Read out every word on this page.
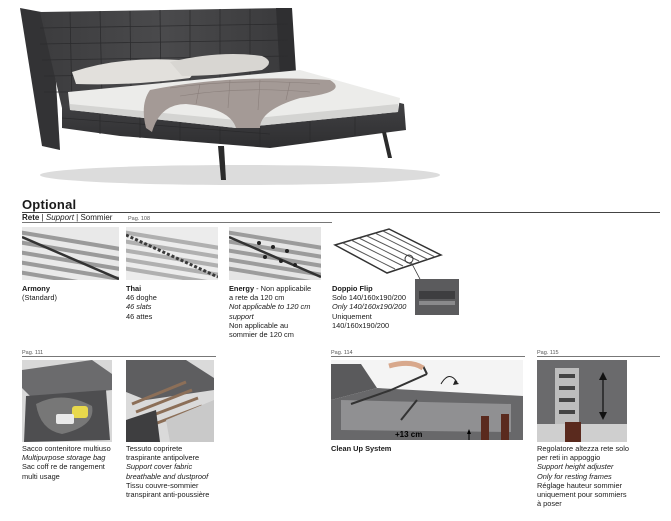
Optional
Rete | Support | Sommier	Pag. 108
Armony
(Standard)
Thai
46 doghe
46 slats
46 attes
Energy - Non applicabile
a rete da 120 cm
Not applicable to 120 cm
support
Non applicable au
sommier de 120 cm
Doppio Flip
Solo 140/160x190/200
Only 140/160x190/200
Uniquement
140/160x190/200
Pag. 111	Pag. 114	Pag. 115
+13 cm
Sacco contenitore multiuso
Multipurpose storage bag
Sac coff re de rangement
multi usage
Tessuto coprirete
traspirante antipolvere
Support cover fabric
breathable and dustproof
Tissu couvre-sommier
transpirant anti-poussière
Clean Up System	Regolatore altezza rete solo
per reti in appoggio
Support height adjuster
Only for resting frames
Réglage hauteur sommier
uniquement pour sommiers
à poser
